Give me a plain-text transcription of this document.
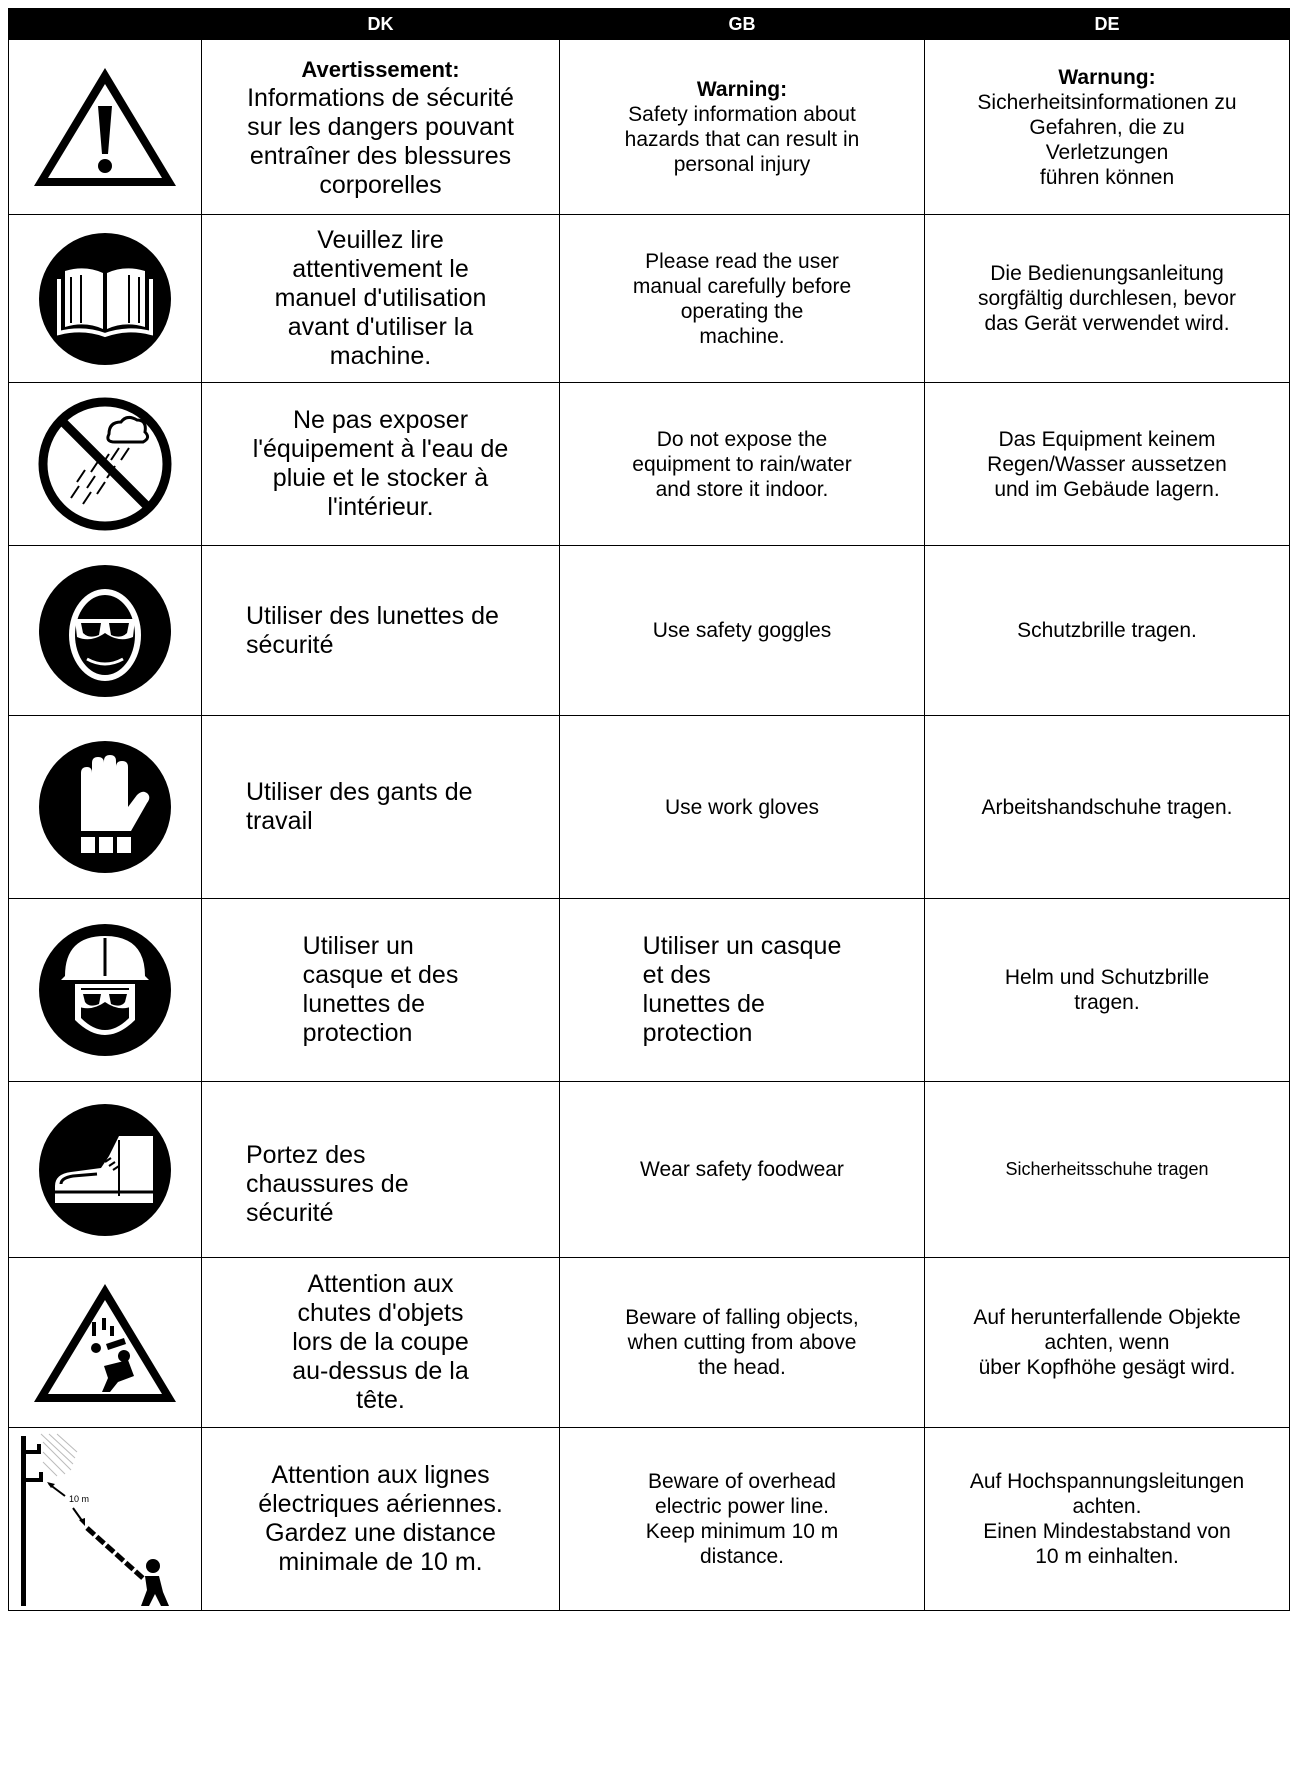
	DK	GB	DE

Avertissement:
Informations de sécurité
sur les dangers pouvant
entraîner des blessures
corporelles	Warning:
Safety information about
hazards that can result in
personal injury	Warnung:
Sicherheitsinformationen zu
Gefahren, die zu
Verletzungen
führen können

Veuillez lire
attentivement le
manuel d'utilisation
avant d'utiliser la
machine.	Please read the user
manual carefully before
operating the
machine.	Die Bedienungsanleitung
sorgfältig durchlesen, bevor
das Gerät verwendet wird.

Ne pas exposer
l'équipement à l'eau de
pluie et le stocker à
l'intérieur.	Do not expose the
equipment to rain/water
and store it indoor.	Das Equipment keinem
Regen/Wasser aussetzen
und im Gebäude lagern.

Utiliser des lunettes de
sécurité	Use safety goggles	Schutzbrille tragen.

Utiliser des gants de
travail	Use work gloves	Arbeitshandschuhe tragen.

	Utiliser un
casque et des
lunettes de
protection	Utiliser un casque
et des
lunettes de
protection	Helm und Schutzbrille
tragen.

Portez des
chaussures de
sécurité	Wear safety foodwear	Sicherheitsschuhe tragen

Attention aux
chutes d'objets
lors de la coupe
au-dessus de la
tête.	Beware of falling objects,
when cutting from above
the head.	Auf herunterfallende Objekte
achten, wenn
über Kopfhöhe gesägt wird.

10 m	Attention aux lignes
électriques aériennes.
Gardez une distance
minimale de 10 m.	Beware of overhead
electric power line.
Keep minimum 10 m
distance.	Auf Hochspannungsleitungen
achten.
Einen Mindestabstand von
10 m einhalten.
